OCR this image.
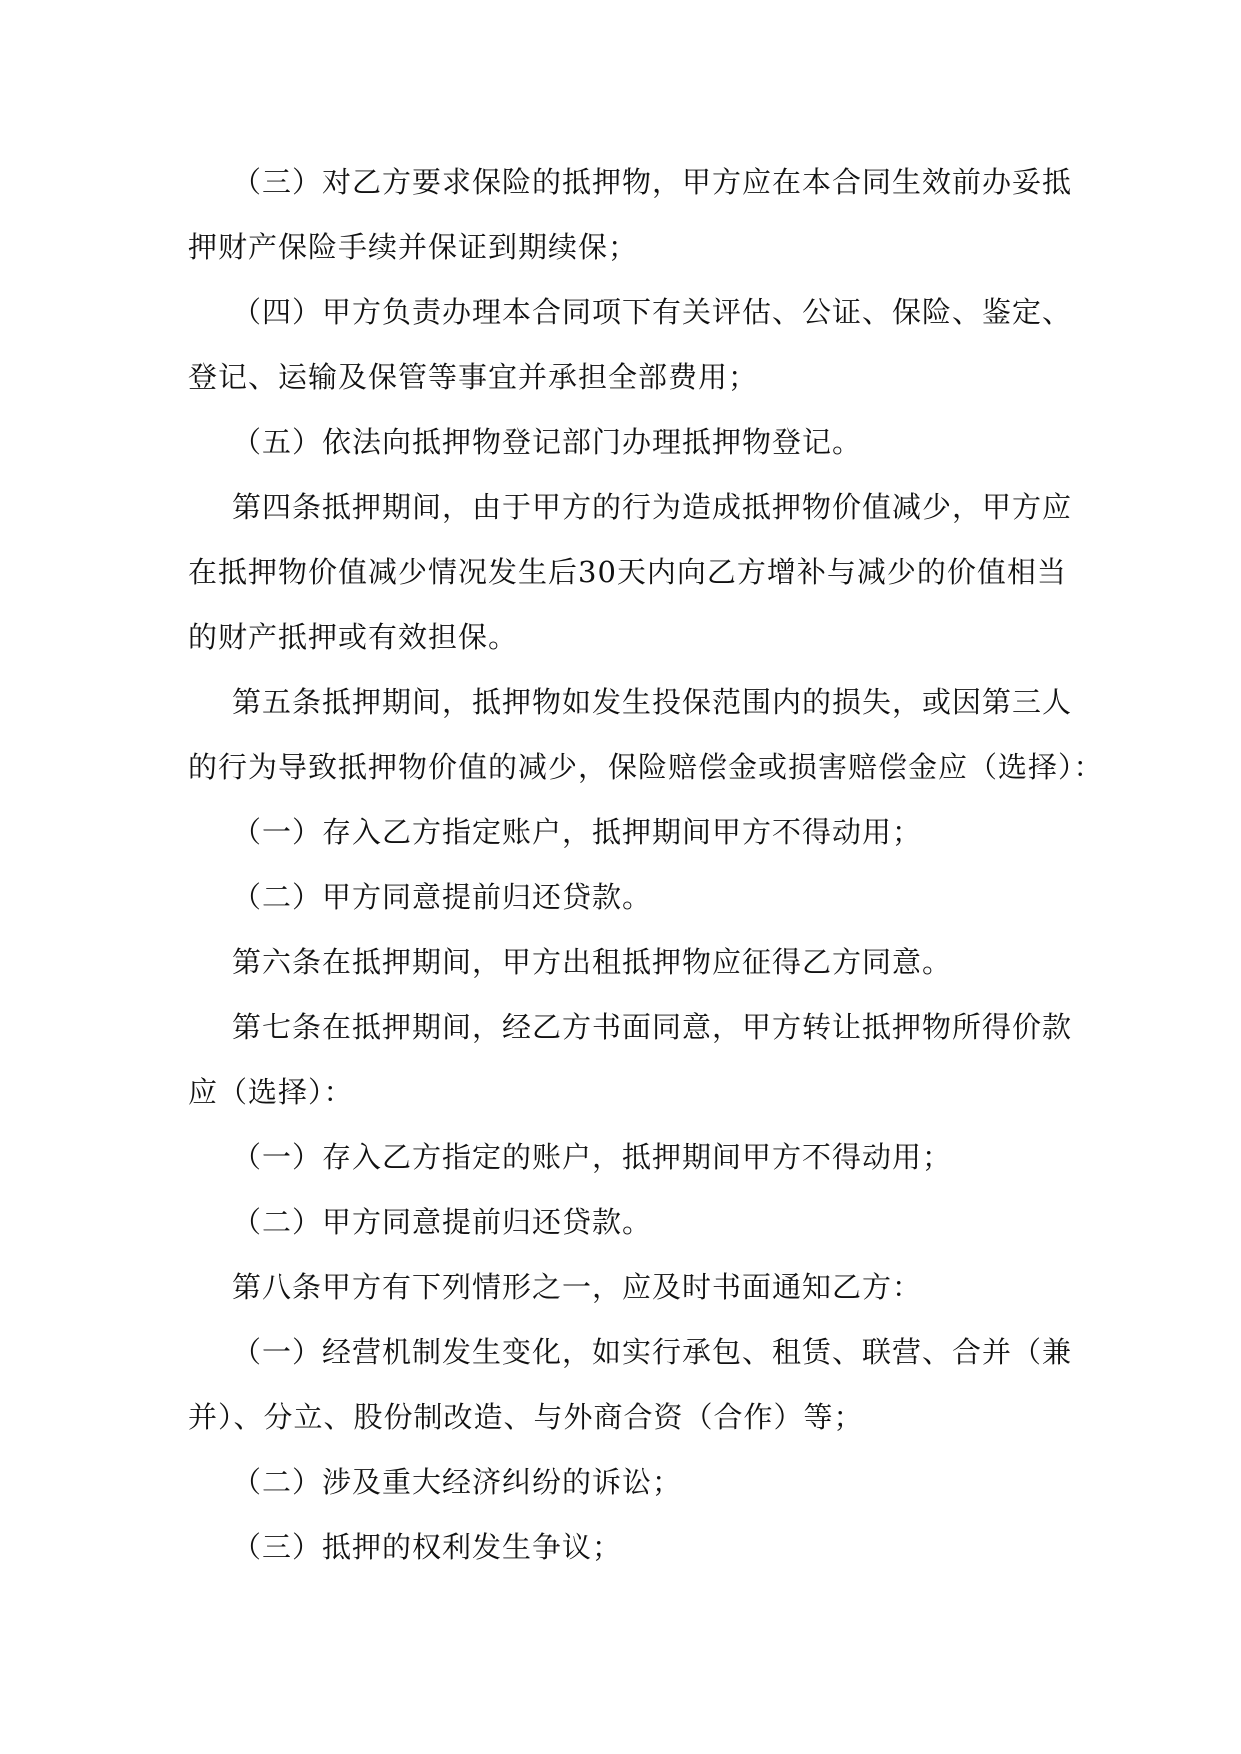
（三）对乙方要求保险的抵押物，甲方应在本合同生效前办妥抵
押财产保险手续并保证到期续保；
（四）甲方负责办理本合同项下有关评估、公证、保险、鉴定、
登记、运输及保管等事宜并承担全部费用；
（五）依法向抵押物登记部门办理抵押物登记。
第四条抵押期间，由于甲方的行为造成抵押物价值减少，甲方应
在抵押物价值减少情况发生后30天内向乙方增补与减少的价值相当
的财产抵押或有效担保。
第五条抵押期间，抵押物如发生投保范围内的损失，或因第三人
的行为导致抵押物价值的减少，保险赔偿金或损害赔偿金应（选择）：
（一）存入乙方指定账户，抵押期间甲方不得动用；
（二）甲方同意提前归还贷款。
第六条在抵押期间，甲方出租抵押物应征得乙方同意。
第七条在抵押期间，经乙方书面同意，甲方转让抵押物所得价款
应（选择）：
（一）存入乙方指定的账户，抵押期间甲方不得动用；
（二）甲方同意提前归还贷款。
第八条甲方有下列情形之一，应及时书面通知乙方：
（一）经营机制发生变化，如实行承包、租赁、联营、合并（兼
并）、分立、股份制改造、与外商合资（合作）等；
（二）涉及重大经济纠纷的诉讼；
（三）抵押的权利发生争议；
